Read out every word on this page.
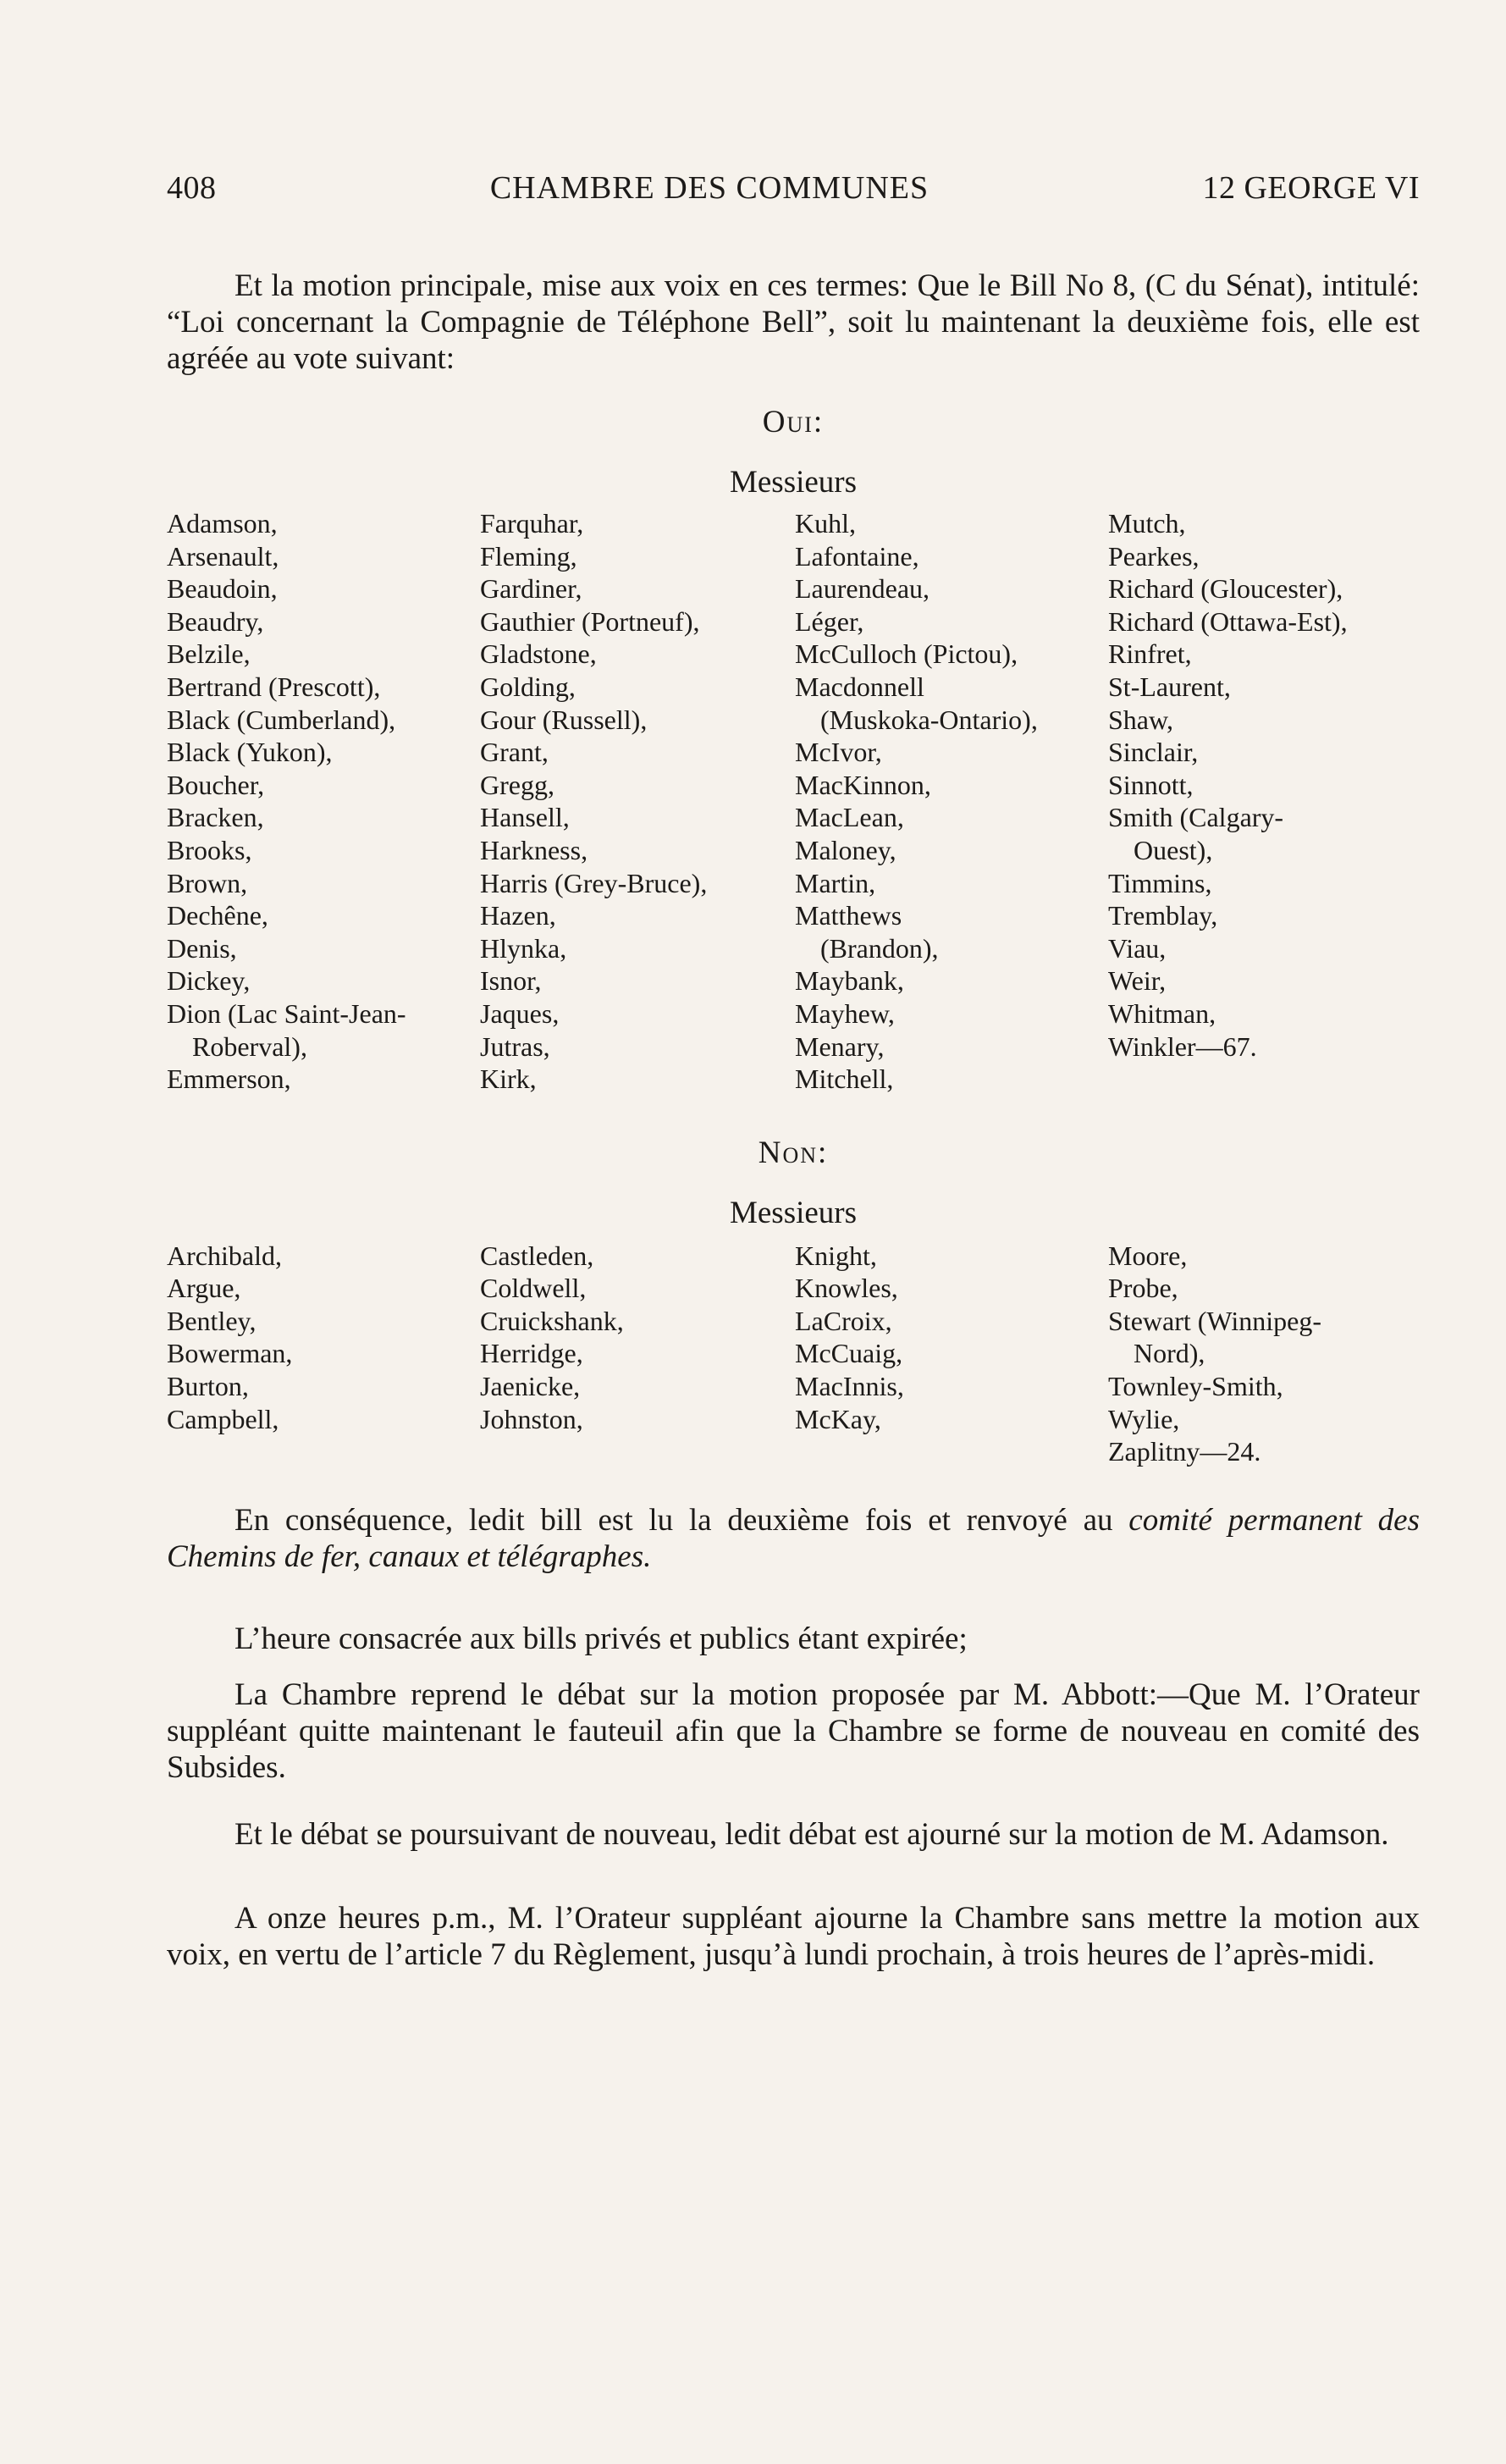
408	CHAMBRE DES COMMUNES	12 GEORGE VI

Et la motion principale, mise aux voix en ces termes: Que le Bill No 8, (C du Sénat), intitulé: “Loi concernant la Compagnie de Téléphone Bell”, soit lu maintenant la deuxième fois, elle est agréée au vote suivant:

Oui:
Messieurs
Adamson,
Arsenault,
Beaudoin,
Beaudry,
Belzile,
Bertrand (Prescott),
Black (Cumberland),
Black (Yukon),
Boucher,
Bracken,
Brooks,
Brown,
Dechêne,
Denis,
Dickey,
Dion (Lac Saint-Jean-
Roberval),
Emmerson,
Farquhar,
Fleming,
Gardiner,
Gauthier (Portneuf),
Gladstone,
Golding,
Gour (Russell),
Grant,
Gregg,
Hansell,
Harkness,
Harris (Grey-Bruce),
Hazen,
Hlynka,
Isnor,
Jaques,
Jutras,
Kirk,
Kuhl,
Lafontaine,
Laurendeau,
Léger,
McCulloch (Pictou),
Macdonnell
(Muskoka-Ontario),
McIvor,
MacKinnon,
MacLean,
Maloney,
Martin,
Matthews
(Brandon),
Maybank,
Mayhew,
Menary,
Mitchell,
Mutch,
Pearkes,
Richard (Gloucester),
Richard (Ottawa-Est),
Rinfret,
St-Laurent,
Shaw,
Sinclair,
Sinnott,
Smith (Calgary-
Ouest),
Timmins,
Tremblay,
Viau,
Weir,
Whitman,
Winkler—67.
Non:
Messieurs
Archibald,
Argue,
Bentley,
Bowerman,
Burton,
Campbell,
Castleden,
Coldwell,
Cruickshank,
Herridge,
Jaenicke,
Johnston,
Knight,
Knowles,
LaCroix,
McCuaig,
MacInnis,
McKay,
Moore,
Probe,
Stewart (Winnipeg-
Nord),
Townley-Smith,
Wylie,
Zaplitny—24.

En conséquence, ledit bill est lu la deuxième fois et renvoyé au comité permanent des Chemins de fer, canaux et télégraphes.

L’heure consacrée aux bills privés et publics étant expirée;

La Chambre reprend le débat sur la motion proposée par M. Abbott:—Que M. l’Orateur suppléant quitte maintenant le fauteuil afin que la Chambre se forme de nouveau en comité des Subsides.

Et le débat se poursuivant de nouveau, ledit débat est ajourné sur la motion de M. Adamson.

A onze heures p.m., M. l’Orateur suppléant ajourne la Chambre sans mettre la motion aux voix, en vertu de l’article 7 du Règlement, jusqu’à lundi prochain, à trois heures de l’après-midi.
